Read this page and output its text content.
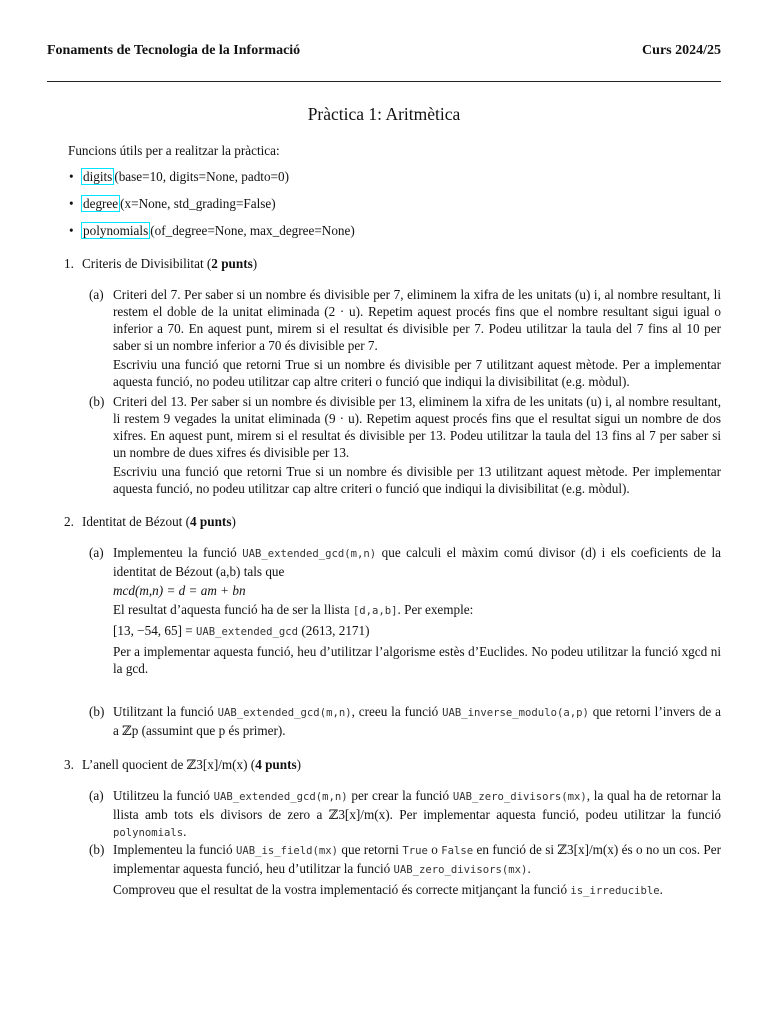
Fonaments de Tecnologia de la Informació	Curs 2024/25
Pràctica 1: Aritmètica
Funcions útils per a realitzar la pràctica:
• digits (base=10, digits=None, padto=0)
• degree (x=None, std_grading=False)
• polynomials (of_degree=None, max_degree=None)
1. Criteris de Divisibilitat (2 punts)
(a) Criteri del 7. Per saber si un nombre és divisible per 7, eliminem la xifra de les unitats (u) i, al nombre resultant, li restem el doble de la unitat eliminada (2 · u). Repetim aquest procés fins que el nombre resultant sigui igual o inferior a 70. En aquest punt, mirem si el resultat és divisible per 7. Podeu utilitzar la taula del 7 fins al 10 per saber si un nombre inferior a 70 és divisible per 7.

Escriviu una funció que retorni True si un nombre és divisible per 7 utilitzant aquest mètode. Per a implementar aquesta funció, no podeu utilitzar cap altre criteri o funció que indiqui la divisibilitat (e.g. mòdul).

(b) Criteri del 13. Per saber si un nombre és divisible per 13, eliminem la xifra de les unitats (u) i, al nombre resultant, li restem 9 vegades la unitat eliminada (9 · u). Repetim aquest procés fins que el resultat sigui un nombre de dos xifres. En aquest punt, mirem si el resultat és divisible per 13. Podeu utilitzar la taula del 13 fins al 7 per saber si un nombre de dues xifres és divisible per 13.

Escriviu una funció que retorni True si un nombre és divisible per 13 utilitzant aquest mètode. Per implementar aquesta funció, no podeu utilitzar cap altre criteri o funció que indiqui la divisibilitat (e.g. mòdul).

2. Identitat de Bézout (4 punts)
(a) Implementeu la funció UAB_extended_gcd(m,n) que calculi el màxim comú divisor (d) i els coeficients de la identitat de Bézout (a,b) tals que

mcd(m,n) = d = am + bn

El resultat d’aquesta funció ha de ser la llista [d,a,b]. Per exemple:

[13, −54, 65] = UAB_extended_gcd (2613, 2171)

Per a implementar aquesta funció, heu d’utilitzar l’algorisme estès d’Euclides. No podeu utilitzar la funció xgcd ni la gcd.

(b) Utilitzant la funció UAB_extended_gcd(m,n), creeu la funció UAB_inverse_modulo(a,p) que retorni l’invers de a a ℤp (assumint que p és primer).

3. L’anell quocient de ℤ3[x]/m(x) (4 punts)
(a) Utilitzeu la funció UAB_extended_gcd(m,n) per crear la funció UAB_zero_divisors(mx), la qual ha de retornar la llista amb tots els divisors de zero a ℤ3[x]/m(x). Per implementar aquesta funció, podeu utilitzar la funció polynomials.

(b) Implementeu la funció UAB_is_field(mx) que retorni True o False en funció de si ℤ3[x]/m(x) és o no un cos. Per implementar aquesta funció, heu d’utilitzar la funció UAB_zero_divisors(mx).

Comproveu que el resultat de la vostra implementació és correcte mitjançant la funció is_irreducible.
